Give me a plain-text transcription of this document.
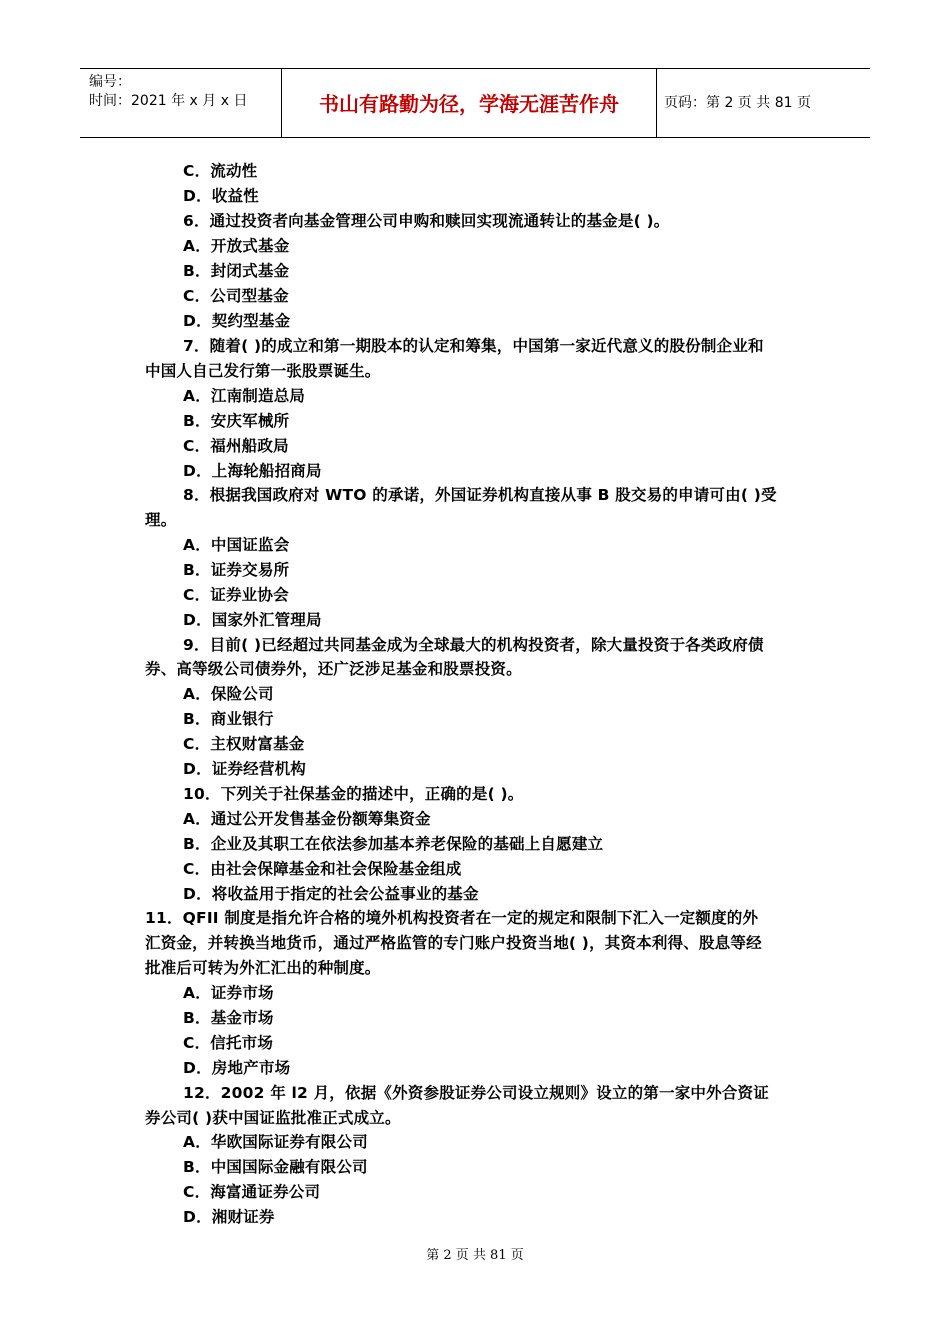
编号：
时间：2021 年 x 月 x 日	书山有路勤为径，学海无涯苦作舟	页码：第 2 页 共 81 页
C．流动性
D．收益性
6．通过投资者向基金管理公司申购和赎回实现流通转让的基金是( )。
A．开放式基金
B．封闭式基金
C．公司型基金
D．契约型基金
7．随着( )的成立和第一期股本的认定和筹集，中国第一家近代意义的股份制企业和
中国人自己发行第一张股票诞生。
A．江南制造总局
B．安庆军械所
C．福州船政局
D．上海轮船招商局
8．根据我国政府对 WTO 的承诺，外国证券机构直接从事 B 股交易的申请可由( )受
理。
A．中国证监会
B．证券交易所
C．证券业协会
D．国家外汇管理局
9．目前( )已经超过共同基金成为全球最大的机构投资者，除大量投资于各类政府债
券、高等级公司债券外，还广泛涉足基金和股票投资。
A．保险公司
B．商业银行
C．主权财富基金
D．证券经营机构
10．下列关于社保基金的描述中，正确的是( )。
A．通过公开发售基金份额筹集资金
B．企业及其职工在依法参加基本养老保险的基础上自愿建立
C．由社会保障基金和社会保险基金组成
D．将收益用于指定的社会公益事业的基金
11．QFII 制度是指允许合格的境外机构投资者在一定的规定和限制下汇入一定额度的外
汇资金，并转换当地货币，通过严格监管的专门账户投资当地( )，其资本利得、股息等经
批准后可转为外汇汇出的种制度。
A．证券市场
B．基金市场
C．信托市场
D．房地产市场
12．2002 年 l2 月，依据《外资参股证券公司设立规则》设立的第一家中外合资证
券公司( )获中国证监批准正式成立。
A．华欧国际证券有限公司
B．中国国际金融有限公司
C．海富通证券公司
D．湘财证券
第 2 页 共 81 页
